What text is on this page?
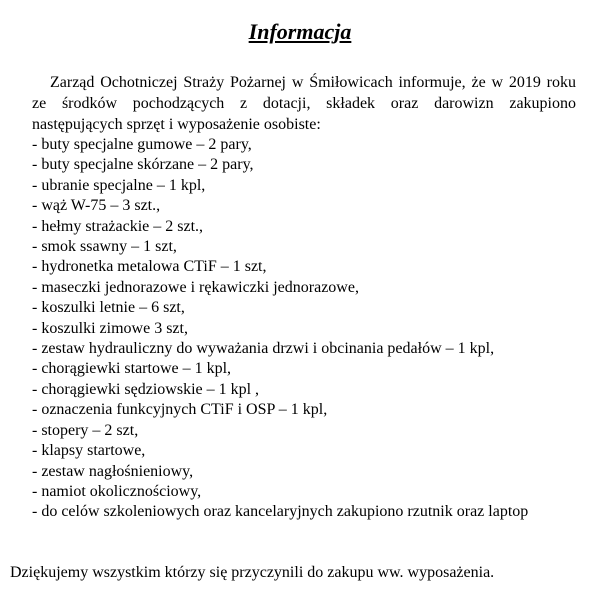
Informacja

Zarząd Ochotniczej Straży Pożarnej w Śmiłowicach informuje, że w 2019 roku ze środków pochodzących z dotacji, składek oraz darowizn zakupiono następujących sprzęt i wyposażenie osobiste:

- buty specjalne gumowe – 2 pary,
- buty specjalne skórzane – 2 pary,
- ubranie specjalne – 1 kpl,
- wąż W-75 – 3 szt.,
- hełmy strażackie – 2 szt.,
- smok ssawny – 1 szt,
- hydronetka metalowa CTiF – 1 szt,
- maseczki jednorazowe i rękawiczki jednorazowe,
- koszulki letnie – 6 szt,
- koszulki zimowe 3 szt,
- zestaw hydrauliczny do wyważania drzwi i obcinania pedałów – 1 kpl,
- chorągiewki startowe – 1 kpl,
- chorągiewki sędziowskie – 1 kpl ,
- oznaczenia funkcyjnych CTiF i OSP – 1 kpl,
- stopery – 2 szt,
- klapsy startowe,
- zestaw nagłośnieniowy,
- namiot okolicznościowy,
- do celów szkoleniowych oraz kancelaryjnych zakupiono rzutnik oraz laptop

Dziękujemy wszystkim którzy się przyczynili do zakupu ww. wyposażenia.
